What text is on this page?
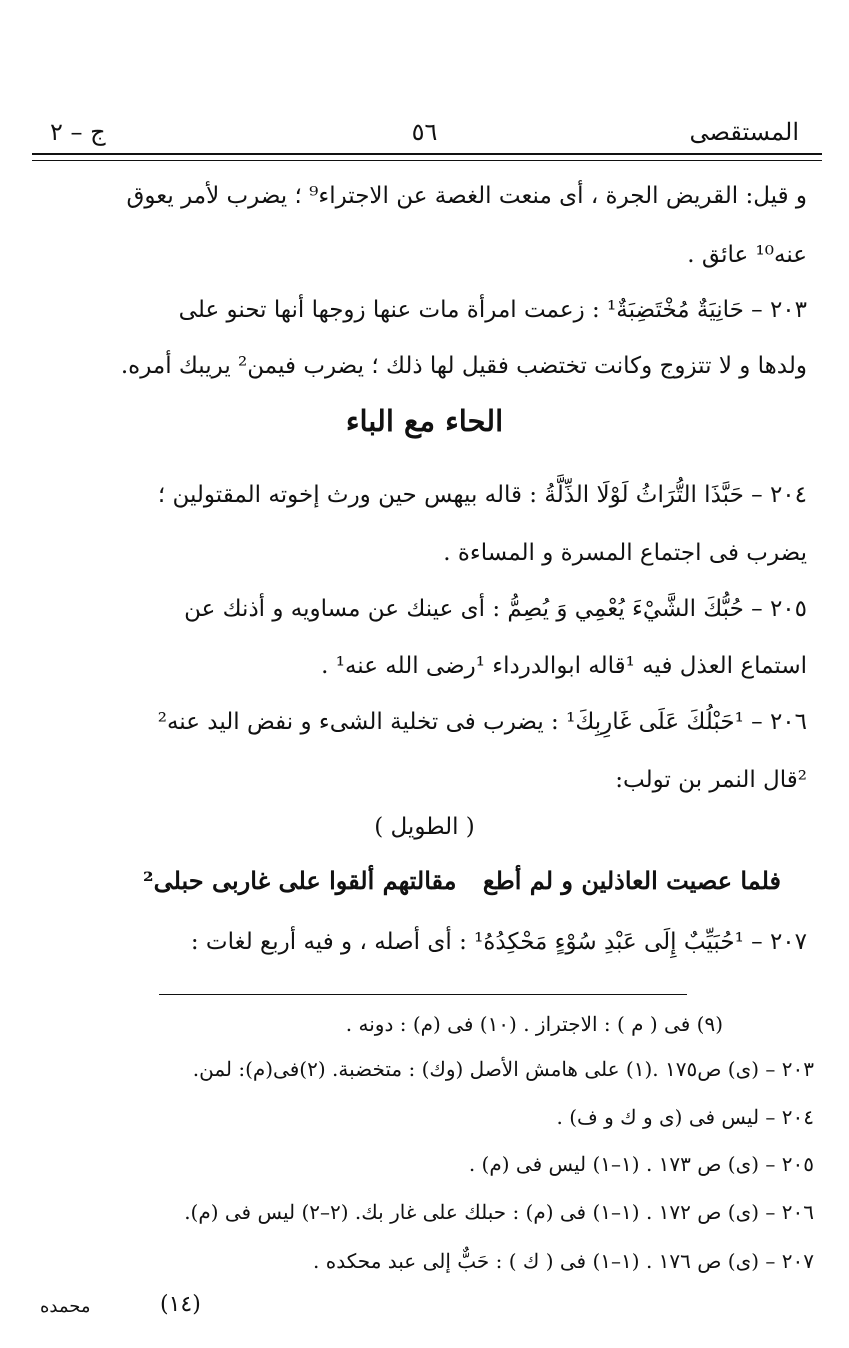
المستقصى
٥٦
ج – ٢
و قيل: القريض الجرة ، أى منعت الغصة عن الاجتراء⁹ ؛ يضرب لأمر يعوق
عنه¹⁰ عائق .
٢٠٣ – حَانِيَةٌ مُخْتَضِبَةٌ¹ : زعمت امرأة مات عنها زوجها أنها تحنو على
ولدها و لا تتزوج وكانت تختضب فقيل لها ذلك ؛ يضرب فيمن² يريبك أمره.
الحاء مع الباء
٢٠٤ – حَبَّذَا التُّرَاثُ لَوْلَا الذِّلَّةُ : قاله بيهس حين ورث إخوته المقتولين ؛
يضرب فى اجتماع المسرة و المساءة .
٢٠٥ – حُبُّكَ الشَّيْءَ يُعْمِي وَ يُصِمُّ : أى عينك عن مساويه و أذنك عن
استماع العذل فيه ¹قاله ابوالدرداء ¹رضى الله عنه¹ .
٢٠٦ – ¹حَبْلُكَ عَلَى غَارِبِكَ¹ : يضرب فى تخلية الشىء و نفض اليد عنه²
²قال النمر بن تولب:
( الطويل )
فلما عصيت العاذلين و لم أطع مقالتهم ألقوا على غاربى حبلى²
٢٠٧ – ¹حُبَيِّبٌ إِلَى عَبْدِ سُوْءٍ مَحْكِدُهُ¹ : أى أصله ، و فيه أربع لغات :
(٩) فى ( م ) : الاجتراز . (١٠) فى (م) : دونه .
٢٠٣ – (ى) ص١٧٥ .(١) على هامش الأصل (وك) : متخضبة. (٢)فى(م): لمن.
٢٠٤ – ليس فى (ى و ك و ف) .
٢٠٥ – (ى) ص ١٧٣ . (١–١) ليس فى (م) .
٢٠٦ – (ى) ص ١٧٢ . (١–١) فى (م) : حبلك على غار بك. (٢–٢) ليس فى (م).
٢٠٧ – (ى) ص ١٧٦ . (١–١) فى ( ك ) : حَبٌّ إلى عبد محكده .
(١٤)
محمده
